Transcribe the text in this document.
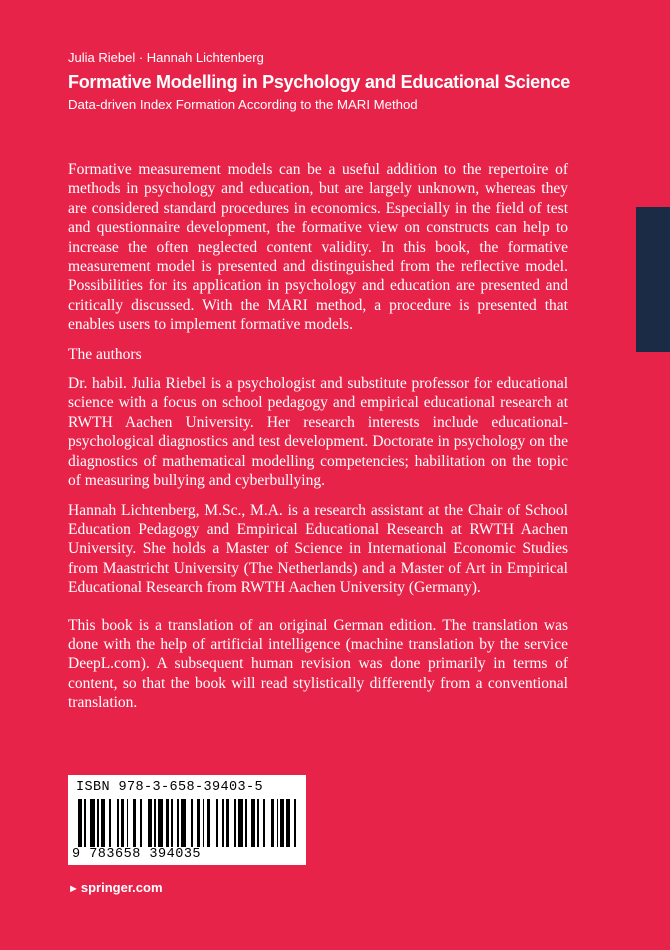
Julia Riebel · Hannah Lichtenberg

Formative Modelling in Psychology and Educational Science

Data-driven Index Formation According to the MARI Method

Formative measurement models can be a useful addition to the repertoire of methods in psychology and education, but are largely unknown, whereas they are considered standard procedures in economics. Especially in the field of test and questionnaire development, the formative view on constructs can help to increase the often neglected content validity. In this book, the formative measurement model is presented and distinguished from the reflective model. Possibilities for its application in psychology and education are presented and critically discussed. With the MARI method, a procedure is presented that enables users to implement formative models.

The authors

Dr. habil. Julia Riebel is a psychologist and substitute professor for educational science with a focus on school pedagogy and empirical educational research at RWTH Aachen University. Her research interests include educational-psychological diagnostics and test development. Doctorate in psychology on the diagnostics of mathematical modelling competencies; habilitation on the topic of measuring bullying and cyberbullying.

Hannah Lichtenberg, M.Sc., M.A. is a research assistant at the Chair of School Education Pedagogy and Empirical Educational Research at RWTH Aachen University. She holds a Master of Science in International Economic Studies from Maastricht University (The Netherlands) and a Master of Art in Empirical Educational Research from RWTH Aachen University (Germany).

This book is a translation of an original German edition. The translation was done with the help of artificial intelligence (machine translation by the service DeepL.com). A subsequent human revision was done primarily in terms of content, so that the book will read stylistically differently from a conventional translation.

ISBN 978-3-658-39403-5
9 783658 394035
► springer.com
